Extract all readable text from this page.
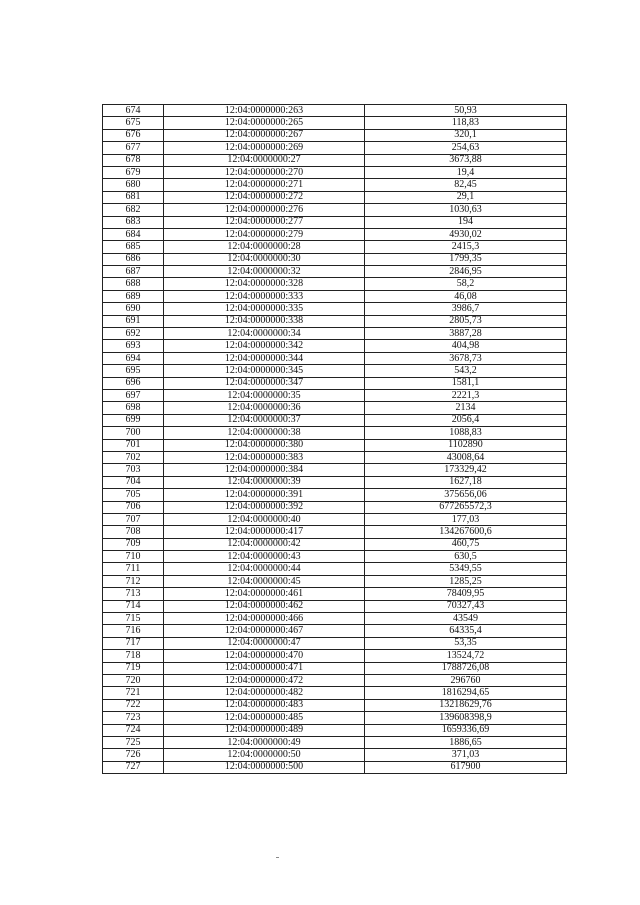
674	12:04:0000000:263	50,93
675	12:04:0000000:265	118,83
676	12:04:0000000:267	320,1
677	12:04:0000000:269	254,63
678	12:04:0000000:27	3673,88
679	12:04:0000000:270	19,4
680	12:04:0000000:271	82,45
681	12:04:0000000:272	29,1
682	12:04:0000000:276	1030,63
683	12:04:0000000:277	194
684	12:04:0000000:279	4930,02
685	12:04:0000000:28	2415,3
686	12:04:0000000:30	1799,35
687	12:04:0000000:32	2846,95
688	12:04:0000000:328	58,2
689	12:04:0000000:333	46,08
690	12:04:0000000:335	3986,7
691	12:04:0000000:338	2805,73
692	12:04:0000000:34	3887,28
693	12:04:0000000:342	404,98
694	12:04:0000000:344	3678,73
695	12:04:0000000:345	543,2
696	12:04:0000000:347	1581,1
697	12:04:0000000:35	2221,3
698	12:04:0000000:36	2134
699	12:04:0000000:37	2056,4
700	12:04:0000000:38	1088,83
701	12:04:0000000:380	1102890
702	12:04:0000000:383	43008,64
703	12:04:0000000:384	173329,42
704	12:04:0000000:39	1627,18
705	12:04:0000000:391	375656,06
706	12:04:0000000:392	677265572,3
707	12:04:0000000:40	177,03
708	12:04:0000000:417	134267600,6
709	12:04:0000000:42	460,75
710	12:04:0000000:43	630,5
711	12:04:0000000:44	5349,55
712	12:04:0000000:45	1285,25
713	12:04:0000000:461	78409,95
714	12:04:0000000:462	70327,43
715	12:04:0000000:466	43549
716	12:04:0000000:467	64335,4
717	12:04:0000000:47	53,35
718	12:04:0000000:470	13524,72
719	12:04:0000000:471	1788726,08
720	12:04:0000000:472	296760
721	12:04:0000000:482	1816294,65
722	12:04:0000000:483	13218629,76
723	12:04:0000000:485	139608398,9
724	12:04:0000000:489	1659336,69
725	12:04:0000000:49	1886,65
726	12:04:0000000:50	371,03
727	12:04:0000000:500	617900
